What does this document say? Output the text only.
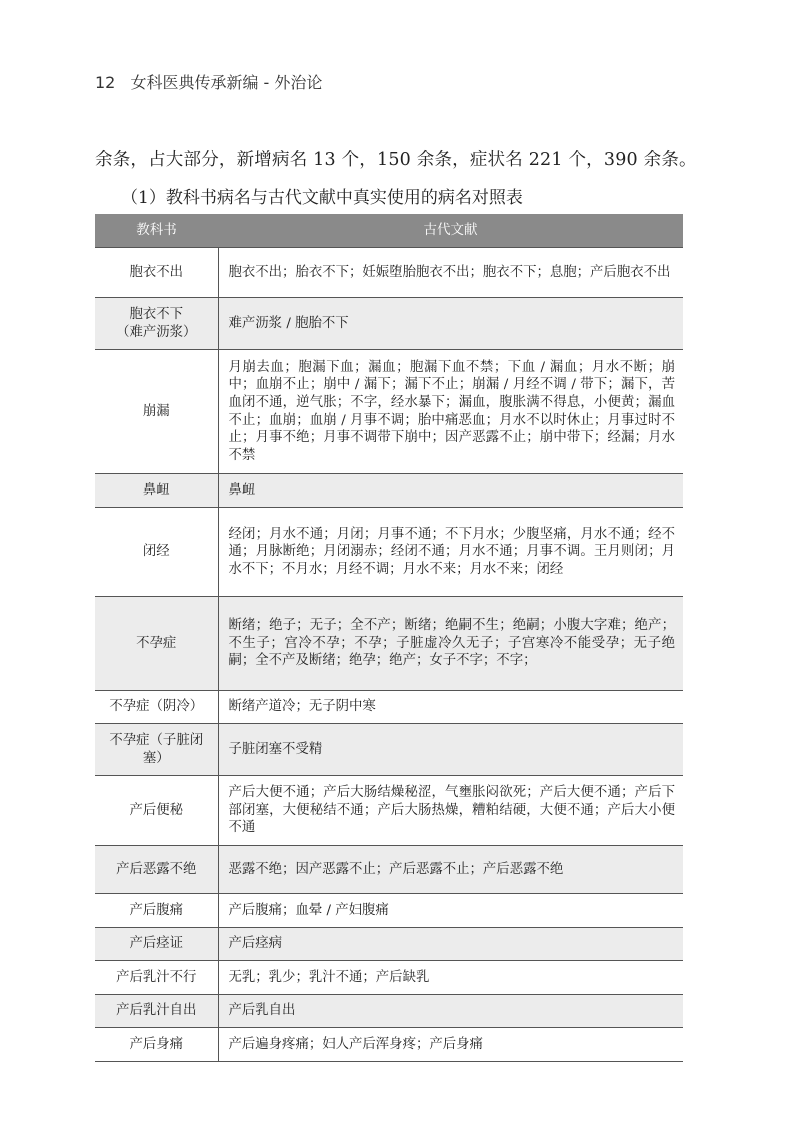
12 女科医典传承新编 - 外治论
余条，占大部分，新增病名 13 个，150 余条，症状名 221 个，390 余条。
（1）教科书病名与古代文献中真实使用的病名对照表
教科书	古代文献
胞衣不出	胞衣不出；胎衣不下；妊娠堕胎胞衣不出；胞衣不下；息胞；产后胞衣不出
胞衣不下
（难产沥浆）	难产沥浆 / 胞胎不下
崩漏	月崩去血；胞漏下血；漏血；胞漏下血不禁；下血 / 漏血；月水不断；崩中；血崩不止；崩中 / 漏下；漏下不止；崩漏 / 月经不调 / 带下；漏下，苦血闭不通，逆气胀；不字，经水暴下；漏血，腹胀满不得息，小便黄；漏血不止；血崩；血崩 / 月事不调；胎中痛恶血；月水不以时休止；月事过时不止；月事不绝；月事不调带下崩中；因产恶露不止；崩中带下；经漏；月水不禁
鼻衄	鼻衄
闭经	经闭；月水不通；月闭；月事不通；不下月水；少腹坚痛，月水不通；经不通；月脉断绝；月闭溺赤；经闭不通；月水不通；月事不调。王月则闭；月水不下；不月水；月经不调；月水不来；月水不来；闭经
不孕症	断绪；绝子；无子；全不产；断绪；绝嗣不生；绝嗣；小腹大字难；绝产；不生子；宫冷不孕；不孕；子脏虚冷久无子；子宫寒冷不能受孕；无子绝嗣；全不产及断绪；绝孕；绝产；女子不字；不字；
不孕症（阴冷）	断绪产道冷；无子阴中寒
不孕症（子脏闭
塞）	子脏闭塞不受精
产后便秘	产后大便不通；产后大肠结燥秘涩，气壅胀闷欲死；产后大便不通；产后下部闭塞，大便秘结不通；产后大肠热燥，糟粕结硬，大便不通；产后大小便不通
产后恶露不绝	恶露不绝；因产恶露不止；产后恶露不止；产后恶露不绝
产后腹痛	产后腹痛；血晕 / 产妇腹痛
产后痉证	产后痉病
产后乳汁不行	无乳；乳少；乳汁不通；产后缺乳
产后乳汁自出	产后乳自出
产后身痛	产后遍身疼痛；妇人产后浑身疼；产后身痛
